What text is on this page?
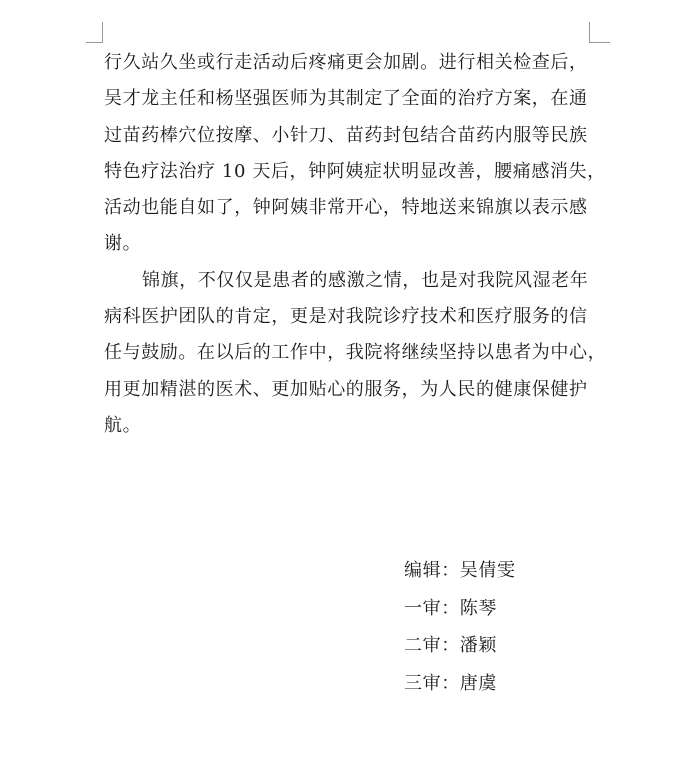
行久站久坐或行走活动后疼痛更会加剧。进行相关检查后，
吴才龙主任和杨坚强医师为其制定了全面的治疗方案，在通
过苗药棒穴位按摩、小针刀、苗药封包结合苗药内服等民族
特色疗法治疗 10 天后，钟阿姨症状明显改善，腰痛感消失，
活动也能自如了，钟阿姨非常开心，特地送来锦旗以表示感
谢。
锦旗，不仅仅是患者的感激之情，也是对我院风湿老年
病科医护团队的肯定，更是对我院诊疗技术和医疗服务的信
任与鼓励。在以后的工作中，我院将继续坚持以患者为中心，
用更加精湛的医术、更加贴心的服务，为人民的健康保健护
航。
编辑：吴倩雯
一审：陈琴
二审：潘颖
三审：唐虞
